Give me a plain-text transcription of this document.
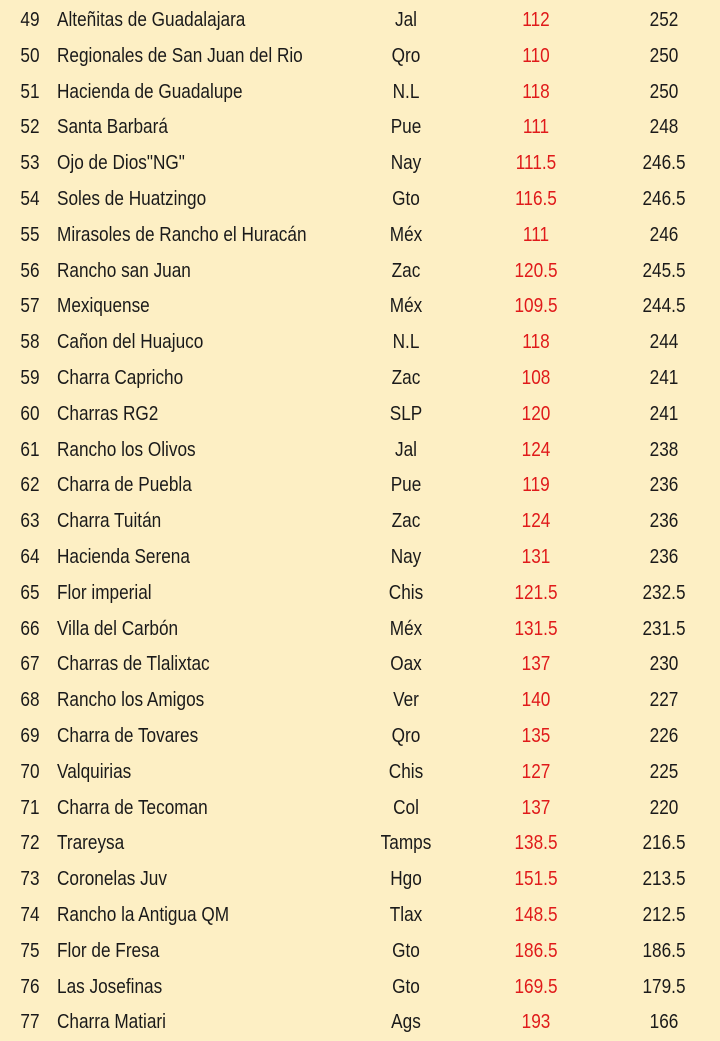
49 Alteñitas de Guadalajara	Jal	112	252
50 Regionales de San Juan del Rio	Qro	110	250
51 Hacienda de Guadalupe	N.L	118	250
52 Santa Barbará	Pue	111	248
53 Ojo de Dios"NG"	Nay	111.5	246.5
54 Soles de Huatzingo	Gto	116.5	246.5
55 Mirasoles de Rancho el Huracán	Méx	111	246
56 Rancho san Juan	Zac	120.5	245.5
57 Mexiquense	Méx	109.5	244.5
58 Cañon del Huajuco	N.L	118	244
59 Charra Capricho	Zac	108	241
60 Charras RG2	SLP	120	241
61 Rancho los Olivos	Jal	124	238
62 Charra de Puebla	Pue	119	236
63 Charra Tuitán	Zac	124	236
64 Hacienda Serena	Nay	131	236
65 Flor imperial	Chis	121.5	232.5
66 Villa del Carbón	Méx	131.5	231.5
67 Charras de Tlalixtac	Oax	137	230
68 Rancho los Amigos	Ver	140	227
69 Charra de Tovares	Qro	135	226
70 Valquirias	Chis	127	225
71 Charra de Tecoman	Col	137	220
72 Trareysa	Tamps	138.5	216.5
73 Coronelas Juv	Hgo	151.5	213.5
74 Rancho la Antigua QM	Tlax	148.5	212.5
75 Flor de Fresa	Gto	186.5	186.5
76 Las Josefinas	Gto	169.5	179.5
77 Charra Matiari	Ags	193	166
